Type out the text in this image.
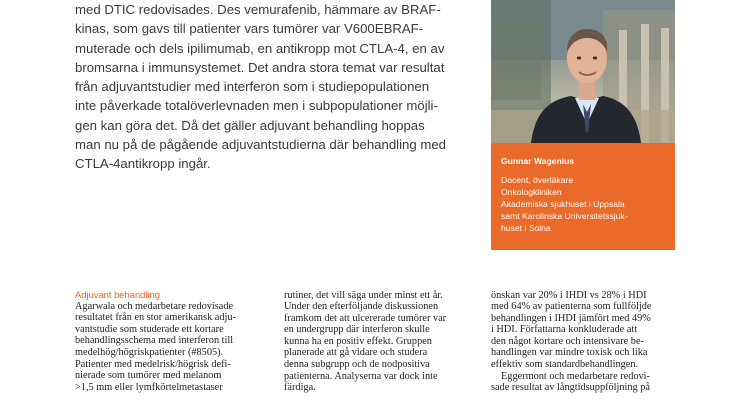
med DTIC redovisades. Des vemurafenib, hämmare av BRAF-
kinas, som gavs till patienter vars tumörer var V600EBRAF-
muterade och dels ipilimumab, en antikropp mot CTLA-4, en av
bromsarna i immunsystemet. Det andra stora temat var resultat
från adjuvantstudier med interferon som i studiepopulationen
inte påverkade totalöverlevnaden men i subpopulationer möjli-
gen kan göra det. Då det gäller adjuvant behandling hoppas
man nu på de pågående adjuvantstudierna där behandling med
CTLA-4antikropp ingår.	Gunnar Wagenius
Docent, överläkare
Onkologkliniken
Akademiska sjukhuset i Uppsala
samt Karolinska Universitetssjuk-
huset i Solna
Adjuvant behandling
Agarwala och medarbetare redovisade
resultatet från en stor amerikansk adju-
vantstudie som studerade ett kortare
behandlingsschema med interferon till
medelhög/högriskpatienter (#8505).
Patienter med medelrisk/högrisk defi-
nierade som tumörer med melanom
>1,5 mm eller lymfkörtelmetastaser
rutiner, det vill säga under minst ett år.
Under den efterföljande diskussionen
framkom det att ulcererade tumörer var
en undergrupp där interferon skulle
kunna ha en positiv effekt. Gruppen
planerade att gå vidare och studera
denna subgrupp och de nodpositiva
patienterna. Analyserna var dock inte
färdiga.
önskan var 20% i IHDI vs 28% i HDI
med 64% av patienterna som fullföljde
behandlingen i IHDI jämfört med 49%
i HDI. Författarna konkluderade att
den något kortare och intensivare be-
handlingen var mindre toxisk och lika
effektiv som standardbehandlingen.
Eggermont och medarbetare redovi-
sade resultat av långtidsuppföljning på
